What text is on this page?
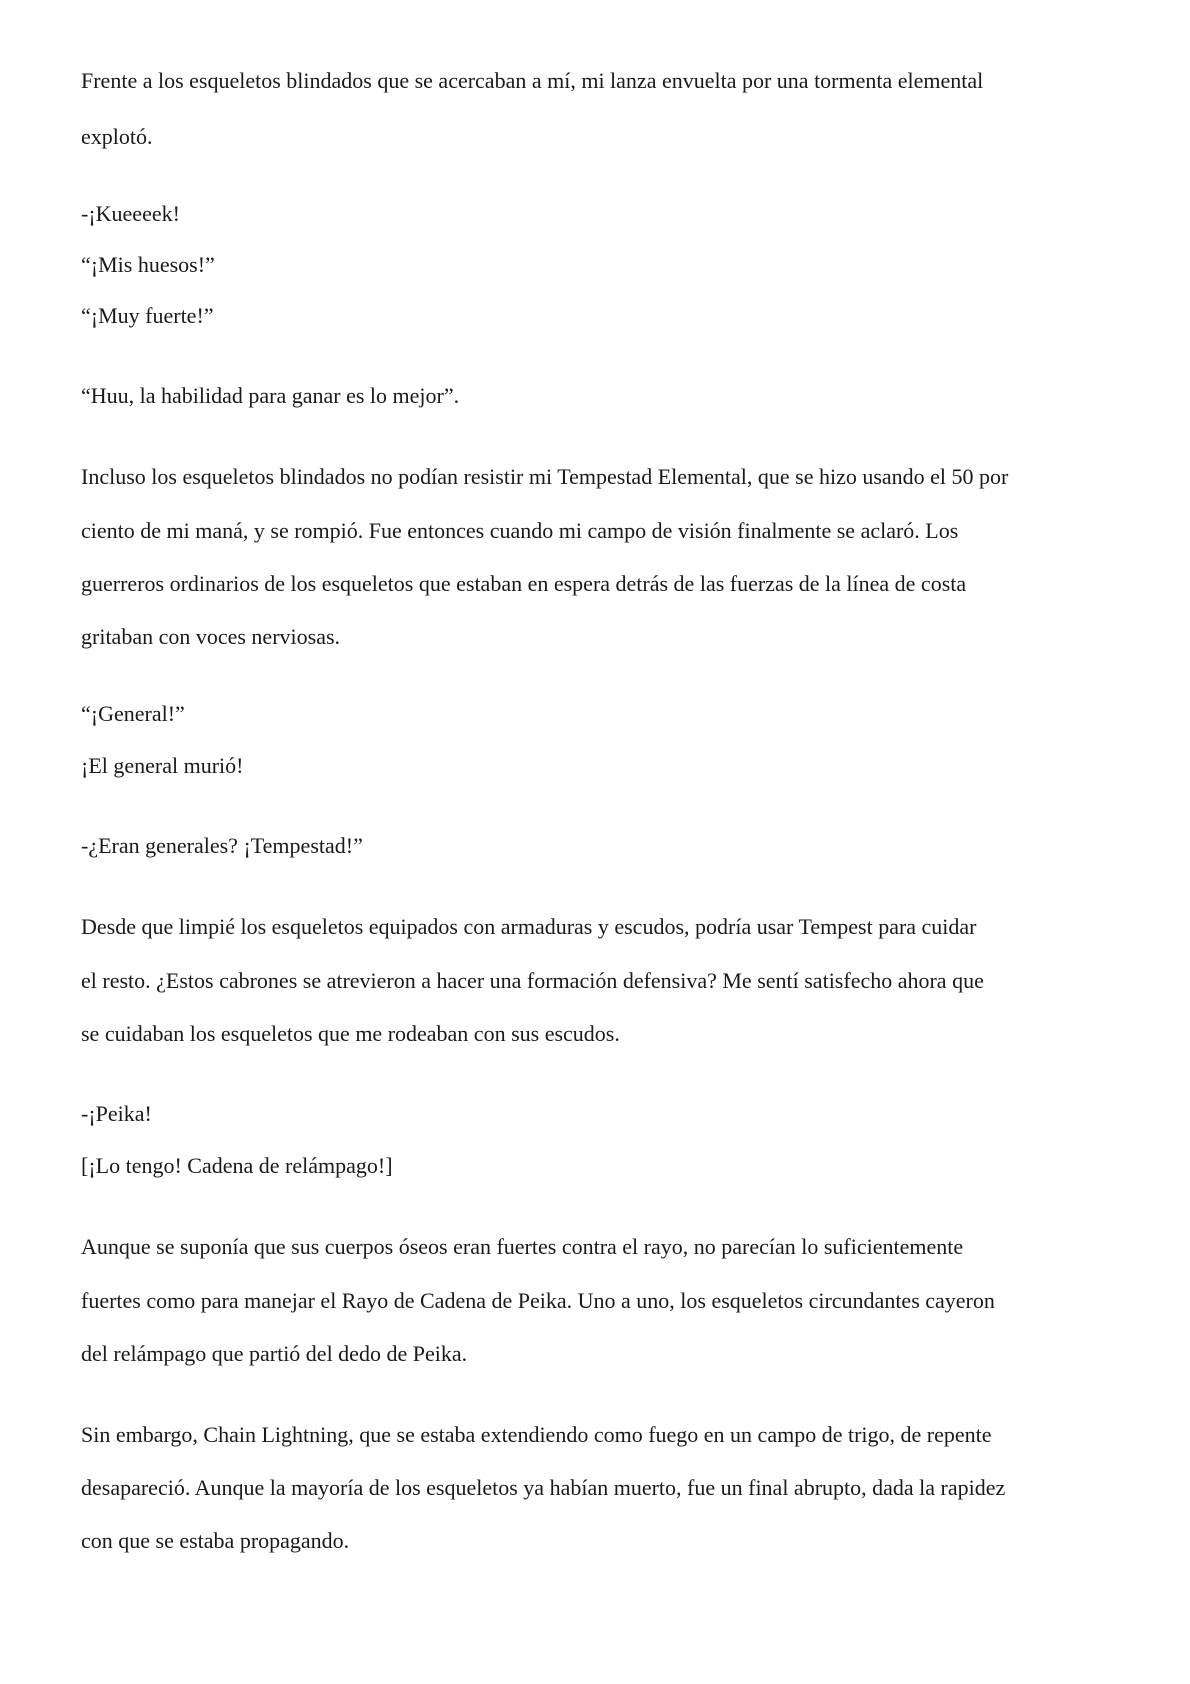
Frente a los esqueletos blindados que se acercaban a mí, mi lanza envuelta por una tormenta elemental

explotó.

-¡Kueeeek!

“¡Mis huesos!”

“¡Muy fuerte!”

“Huu, la habilidad para ganar es lo mejor”.

Incluso los esqueletos blindados no podían resistir mi Tempestad Elemental, que se hizo usando el 50 por

ciento de mi maná, y se rompió. Fue entonces cuando mi campo de visión finalmente se aclaró. Los

guerreros ordinarios de los esqueletos que estaban en espera detrás de las fuerzas de la línea de costa

gritaban con voces nerviosas.

“¡General!”

¡El general murió!

-¿Eran generales? ¡Tempestad!”

Desde que limpié los esqueletos equipados con armaduras y escudos, podría usar Tempest para cuidar

el resto. ¿Estos cabrones se atrevieron a hacer una formación defensiva? Me sentí satisfecho ahora que

se cuidaban los esqueletos que me rodeaban con sus escudos.

-¡Peika!

[¡Lo tengo! Cadena de relámpago!]

Aunque se suponía que sus cuerpos óseos eran fuertes contra el rayo, no parecían lo suficientemente

fuertes como para manejar el Rayo de Cadena de Peika. Uno a uno, los esqueletos circundantes cayeron

del relámpago que partió del dedo de Peika.

Sin embargo, Chain Lightning, que se estaba extendiendo como fuego en un campo de trigo, de repente

desapareció. Aunque la mayoría de los esqueletos ya habían muerto, fue un final abrupto, dada la rapidez

con que se estaba propagando.
